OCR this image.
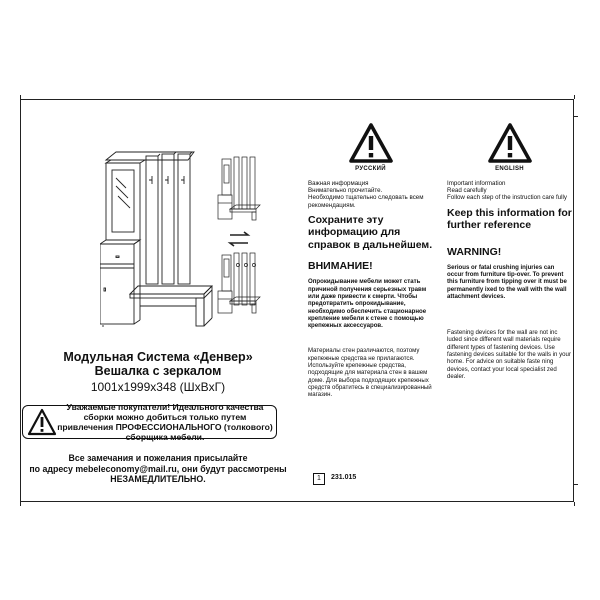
Модульная Система «Денвер»
Вешалка с зеркалом
1001x1999x348 (ШxВxГ)
Уважаемые покупатели! Идеального качества сборки можно добиться только путем привлечения ПРОФЕССИОНАЛЬНОГО (толкового) сборщика мебели.
Все замечания и пожелания присылайте
по адресу mebeleconomy@mail.ru, они будут рассмотрены
НЕЗАМЕДЛИТЕЛЬНО.
РУССКИЙ
Важная информация
Внимательно прочитайте.
Необходимо тщательно следовать всем рекомендациям.
Сохраните эту информацию для справок в дальнейшем.
ВНИМАНИЕ!
Опрокидывание мебели может стать причиной получения серьезных травм или даже привести к смерти. Чтобы предотвратить опрокидывание, необходимо обеспечить стационарное крепление мебели к стене с помощью крепежных аксессуаров.
Материалы стен различаются, поэтому крепежные средства не прилагаются. Используйте крепежные средства, подходящие для материала стен в вашем доме. Для выбора подходящих крепежных средств обратитесь в специализированный магазин.
ENGLISH
Important information
Read carefully
Follow each step of the instruction care fully
Keep this information for further reference
WARNING!
Serious or fatal crushing injuries can occur from furniture tip-over. To prevent this furniture from tipping over it must be permanently ixed to the wall with the wall attachment devices.
Fastening devices for the wall are not inc luded since different wall materials require different types of fastening devices. Use fastening devices suitable for the walls in your home. For advice on suitable faste ning devices, contact your local specialist zed dealer.
1	231.015
